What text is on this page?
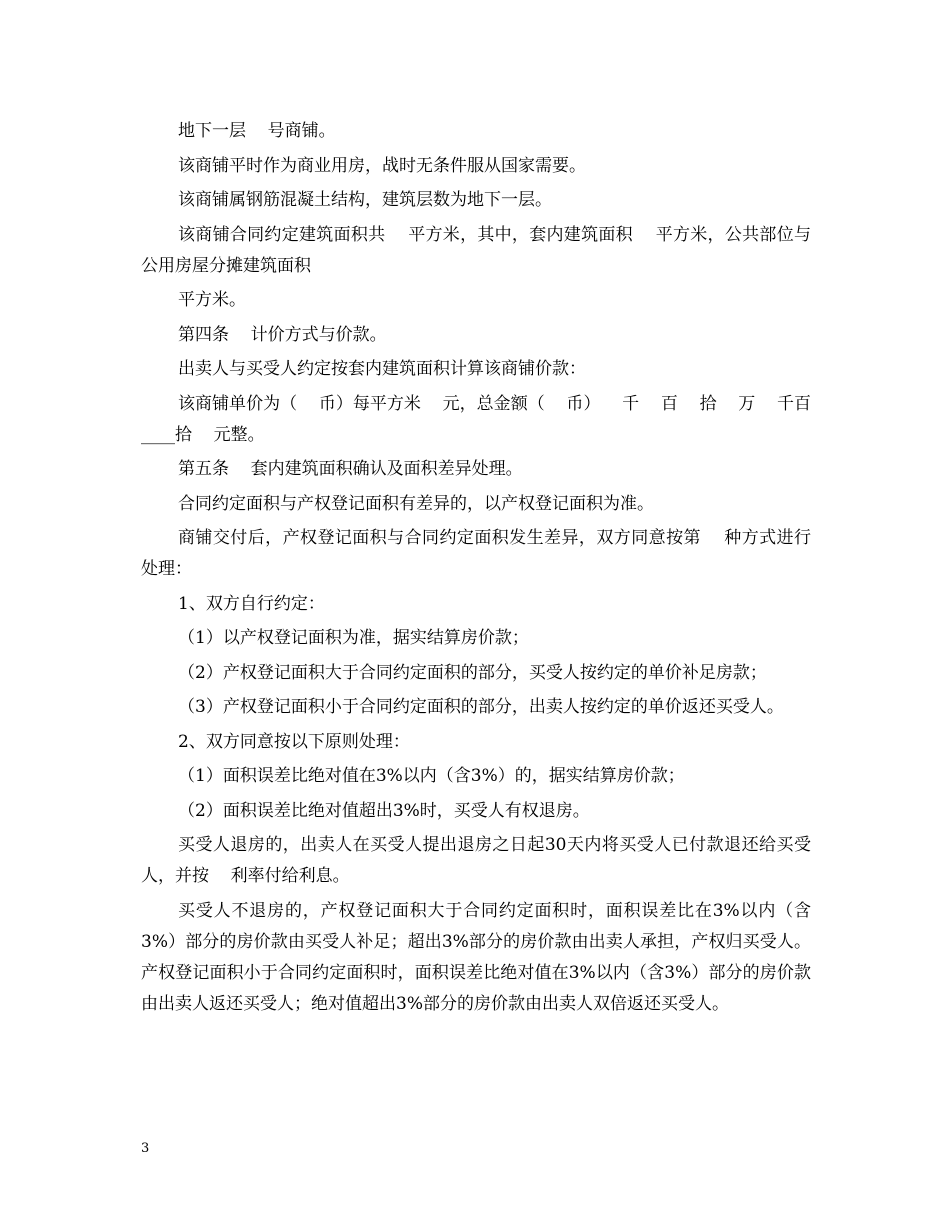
地下一层    号商铺。

该商铺平时作为商业用房，战时无条件服从国家需要。

该商铺属钢筋混凝土结构，建筑层数为地下一层。

该商铺合同约定建筑面积共    平方米，其中，套内建筑面积    平方米，公共部位与公用房屋分摊建筑面积

平方米。

第四条    计价方式与价款。

出卖人与买受人约定按套内建筑面积计算该商铺价款：

该商铺单价为（    币）每平方米    元，总金额（    币）    千    百    拾    万    千百____拾    元整。

第五条    套内建筑面积确认及面积差异处理。

合同约定面积与产权登记面积有差异的，以产权登记面积为准。

商铺交付后，产权登记面积与合同约定面积发生差异，双方同意按第    种方式进行处理：

1、双方自行约定：

（1）以产权登记面积为准，据实结算房价款；

（2）产权登记面积大于合同约定面积的部分，买受人按约定的单价补足房款；

（3）产权登记面积小于合同约定面积的部分，出卖人按约定的单价返还买受人。

2、双方同意按以下原则处理：

（1）面积误差比绝对值在3%以内（含3%）的，据实结算房价款；

（2）面积误差比绝对值超出3%时，买受人有权退房。

买受人退房的，出卖人在买受人提出退房之日起30天内将买受人已付款退还给买受人，并按    利率付给利息。

买受人不退房的，产权登记面积大于合同约定面积时，面积误差比在3%以内（含3%）部分的房价款由买受人补足；超出3%部分的房价款由出卖人承担，产权归买受人。产权登记面积小于合同约定面积时，面积误差比绝对值在3%以内（含3%）部分的房价款由出卖人返还买受人；绝对值超出3%部分的房价款由出卖人双倍返还买受人。

3
